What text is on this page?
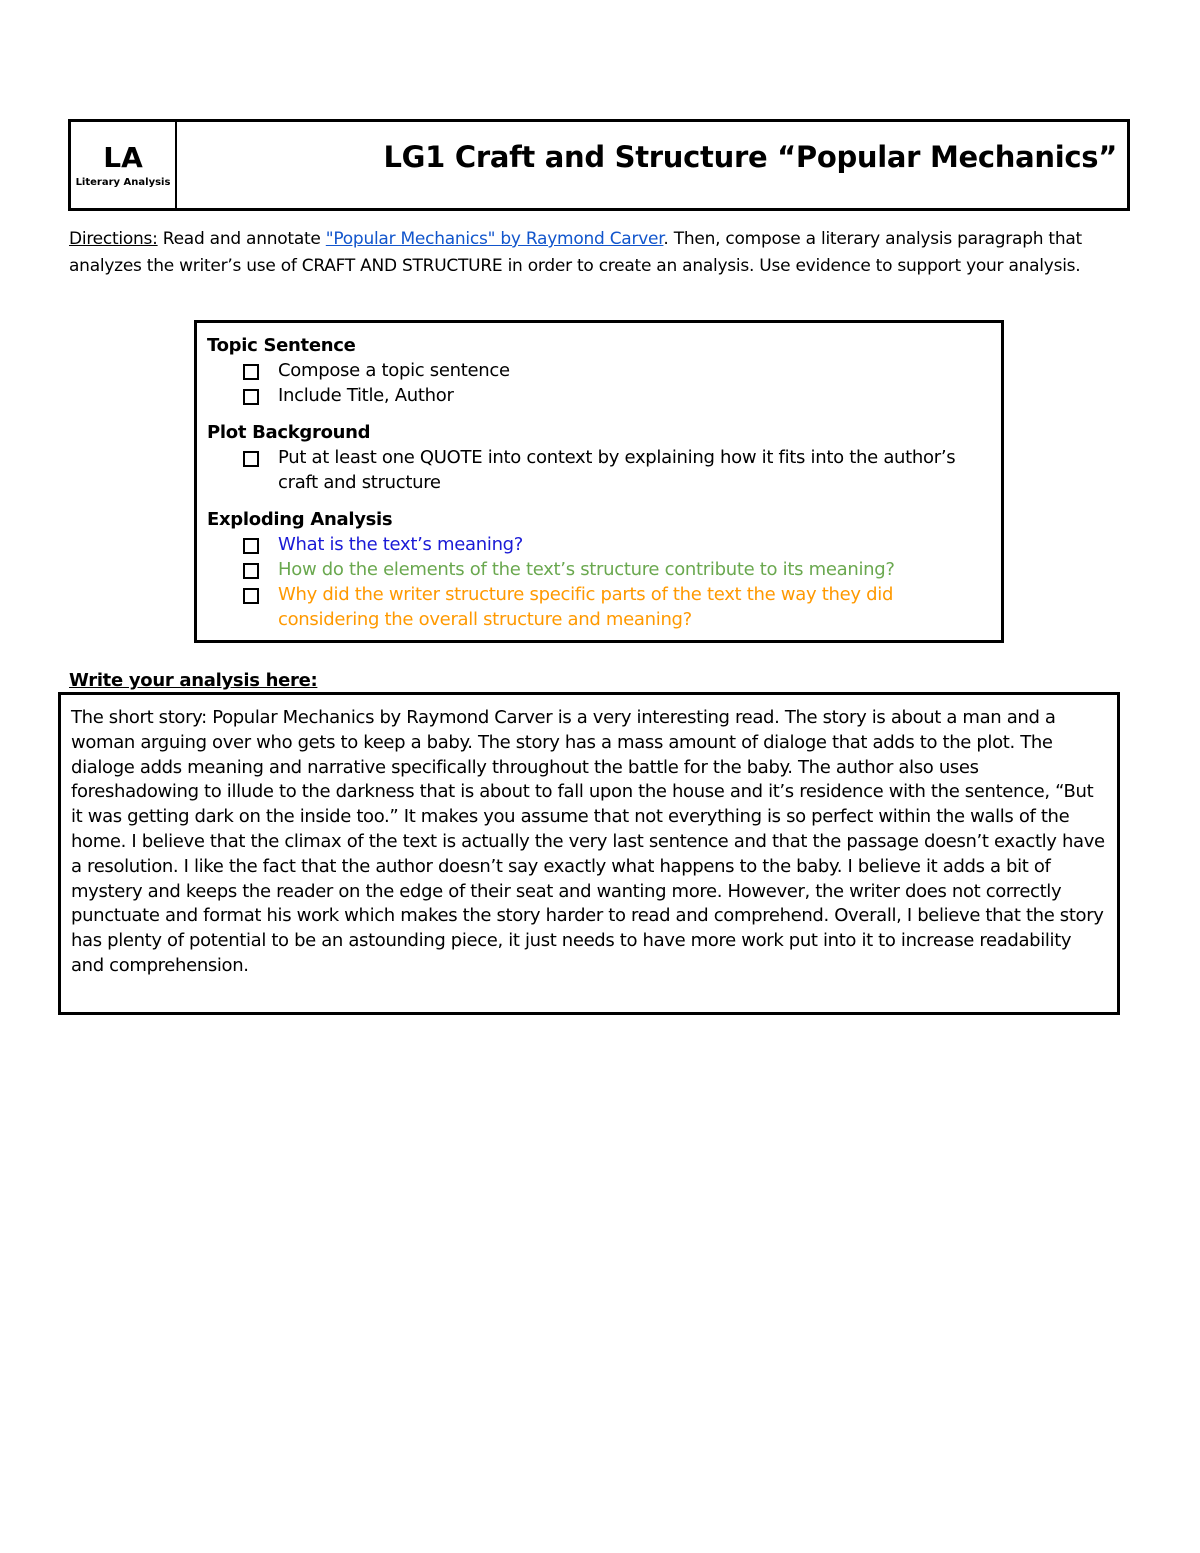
LA
Literary Analysis
LG1 Craft and Structure “Popular Mechanics”
Directions: Read and annotate "Popular Mechanics" by Raymond Carver. Then, compose a literary analysis paragraph that analyzes the writer’s use of CRAFT AND STRUCTURE in order to create an analysis. Use evidence to support your analysis.
Topic Sentence
Compose a topic sentence
Include Title, Author
Plot Background
Put at least one QUOTE into context by explaining how it fits into the author’s craft and structure
Exploding Analysis
What is the text’s meaning?
How do the elements of the text’s structure contribute to its meaning?
Why did the writer structure specific parts of the text the way they did considering the overall structure and meaning?
Write your analysis here:
The short story: Popular Mechanics by Raymond Carver is a very interesting read. The story is about a man and a woman arguing over who gets to keep a baby. The story has a mass amount of dialoge that adds to the plot. The dialoge adds meaning and narrative specifically throughout the battle for the baby. The author also uses foreshadowing to illude to the darkness that is about to fall upon the house and it’s residence with the sentence, “But it was getting dark on the inside too.” It makes you assume that not everything is so perfect within the walls of the home. I believe that the climax of the text is actually the very last sentence and that the passage doesn’t exactly have a resolution. I like the fact that the author doesn’t say exactly what happens to the baby. I believe it adds a bit of mystery and keeps the reader on the edge of their seat and wanting more. However, the writer does not correctly punctuate and format his work which makes the story harder to read and comprehend. Overall, I believe that the story has plenty of potential to be an astounding piece, it just needs to have more work put into it to increase readability and comprehension.
